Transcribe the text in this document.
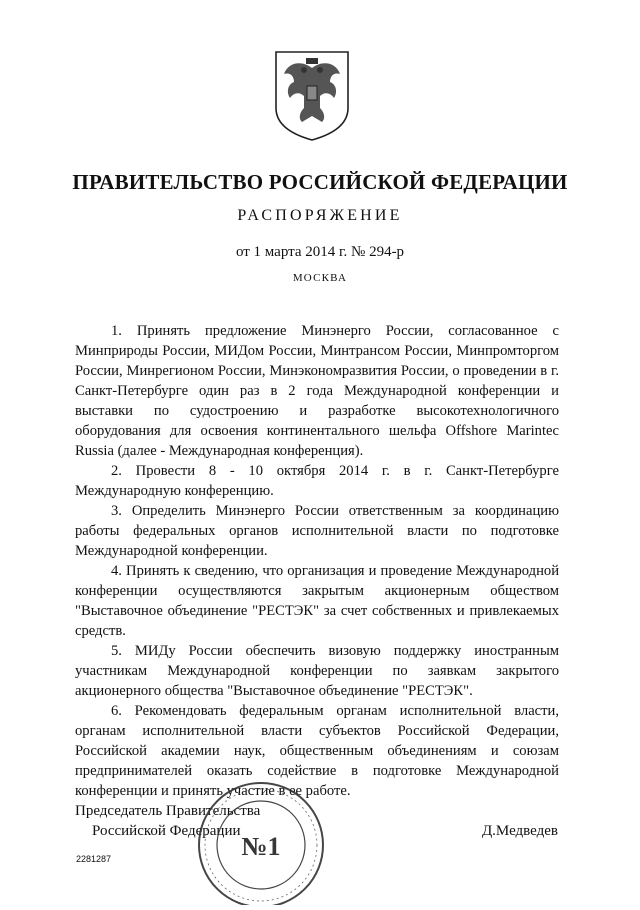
ПРАВИТЕЛЬСТВО РОССИЙСКОЙ ФЕДЕРАЦИИ
РАСПОРЯЖЕНИЕ
от 1 марта 2014 г. № 294-р
МОСКВА

1. Принять предложение Минэнерго России, согласованное с Минприроды России, МИДом России, Минтрансом России, Минпромторгом России, Минрегионом России, Минэкономразвития России, о проведении в г. Санкт-Петербурге один раз в 2 года Международной конференции и выставки по судостроению и разработке высокотехнологичного оборудования для освоения континентального шельфа Offshore Marintec Russia (далее - Международная конференция).

2. Провести 8 - 10 октября 2014 г. в г. Санкт-Петербурге Международную конференцию.

3. Определить Минэнерго России ответственным за координацию работы федеральных органов исполнительной власти по подготовке Международной конференции.

4. Принять к сведению, что организация и проведение Международной конференции осуществляются закрытым акционерным обществом "Выставочное объединение "РЕСТЭК" за счет собственных и привлекаемых средств.

5. МИДу России обеспечить визовую поддержку иностранным участникам Международной конференции по заявкам закрытого акционерного общества "Выставочное объединение "РЕСТЭК".

6. Рекомендовать федеральным органам исполнительной власти, органам исполнительной власти субъектов Российской Федерации, Российской академии наук, общественным объединениям и союзам предпринимателей оказать содействие в подготовке Международной конференции и принять участие в ее работе.

Председатель Правительства
Российской Федерации	Д.Медведев
2281287	№1
